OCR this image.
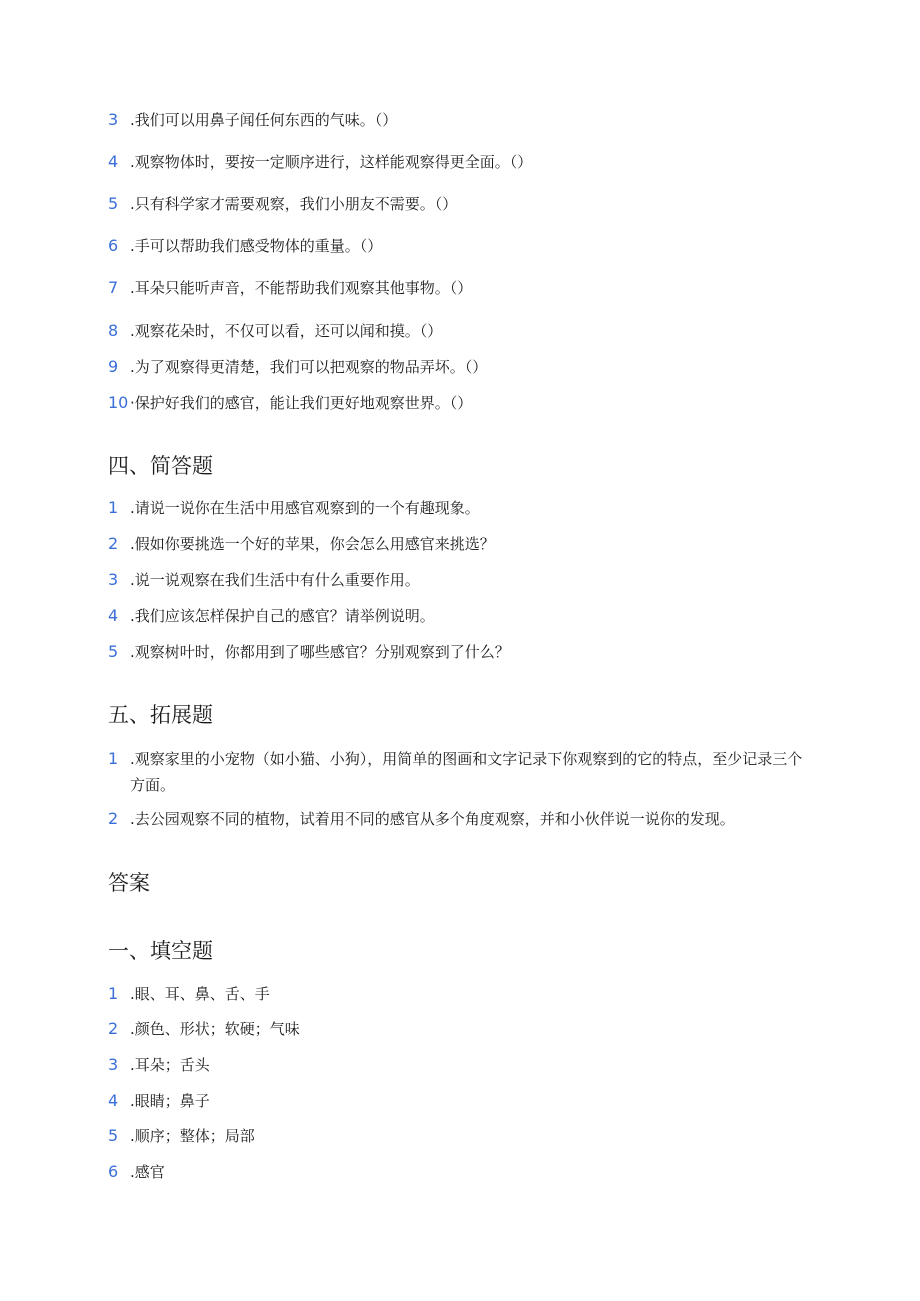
3 .我们可以用鼻子闻任何东西的气味。（）
4 .观察物体时，要按一定顺序进行，这样能观察得更全面。（）
5 .只有科学家才需要观察，我们小朋友不需要。（）
6 .手可以帮助我们感受物体的重量。（）
7 .耳朵只能听声音，不能帮助我们观察其他事物。（）
8 .观察花朵时，不仅可以看，还可以闻和摸。（）
9 .为了观察得更清楚，我们可以把观察的物品弄坏。（）
10 ·保护好我们的感官，能让我们更好地观察世界。（）
四、简答题
1 .请说一说你在生活中用感官观察到的一个有趣现象。
2 .假如你要挑选一个好的苹果，你会怎么用感官来挑选？
3 .说一说观察在我们生活中有什么重要作用。
4 .我们应该怎样保护自己的感官？请举例说明。
5 .观察树叶时，你都用到了哪些感官？分别观察到了什么？
五、拓展题
1 .观察家里的小宠物（如小猫、小狗），用简单的图画和文字记录下你观察到的它的特点，至少记录三个方面。
2 .去公园观察不同的植物，试着用不同的感官从多个角度观察，并和小伙伴说一说你的发现。
答案
一、填空题
1 .眼、耳、鼻、舌、手
2 .颜色、形状；软硬；气味
3 .耳朵；舌头
4 .眼睛；鼻子
5 .顺序；整体；局部
6 .感官
